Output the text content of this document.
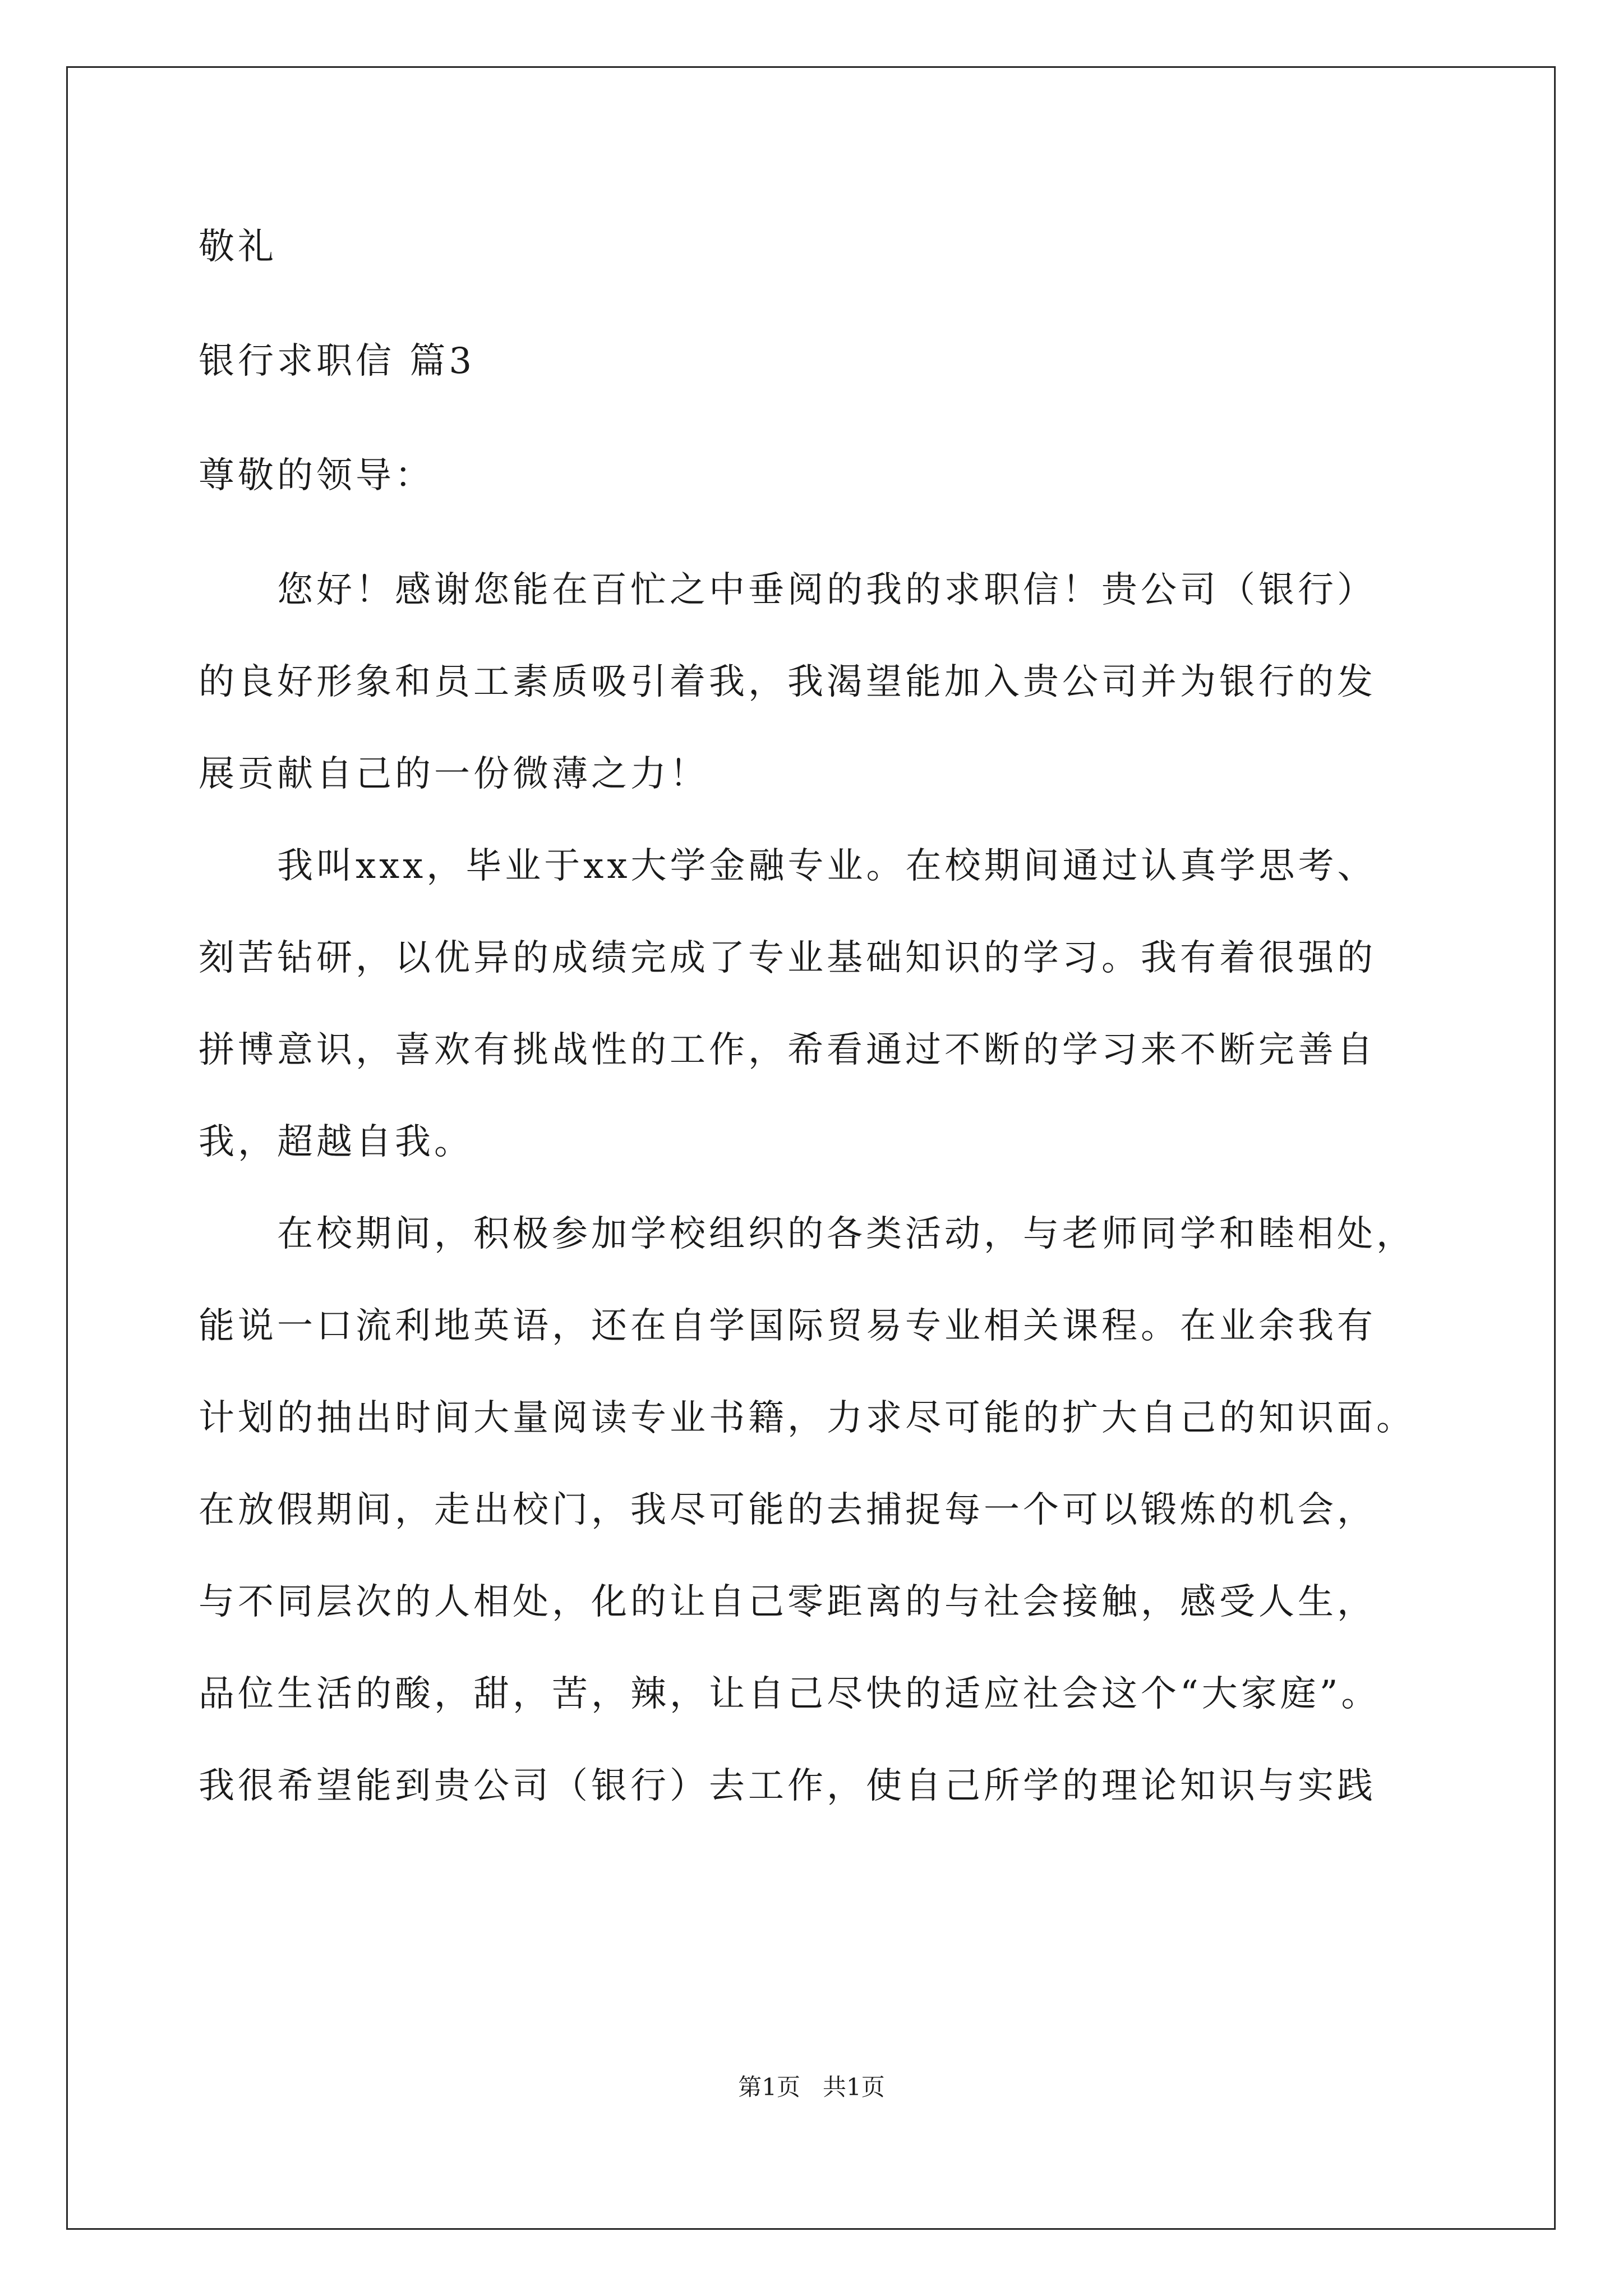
敬礼

银行求职信 篇3

尊敬的领导：

　　您好！感谢您能在百忙之中垂阅的我的求职信！贵公司（银行）

的良好形象和员工素质吸引着我，我渴望能加入贵公司并为银行的发

展贡献自己的一份微薄之力！

　　我叫xxx，毕业于xx大学金融专业。在校期间通过认真学思考、

刻苦钻研，以优异的成绩完成了专业基础知识的学习。我有着很强的

拼博意识，喜欢有挑战性的工作，希看通过不断的学习来不断完善自

我，超越自我。

　　在校期间，积极参加学校组织的各类活动，与老师同学和睦相处，

能说一口流利地英语，还在自学国际贸易专业相关课程。在业余我有

计划的抽出时间大量阅读专业书籍，力求尽可能的扩大自己的知识面。

在放假期间，走出校门，我尽可能的去捕捉每一个可以锻炼的机会，

与不同层次的人相处，化的让自己零距离的与社会接触，感受人生，

品位生活的酸，甜，苦，辣，让自己尽快的适应社会这个“大家庭”。

我很希望能到贵公司（银行）去工作，使自己所学的理论知识与实践

第1页 共1页
